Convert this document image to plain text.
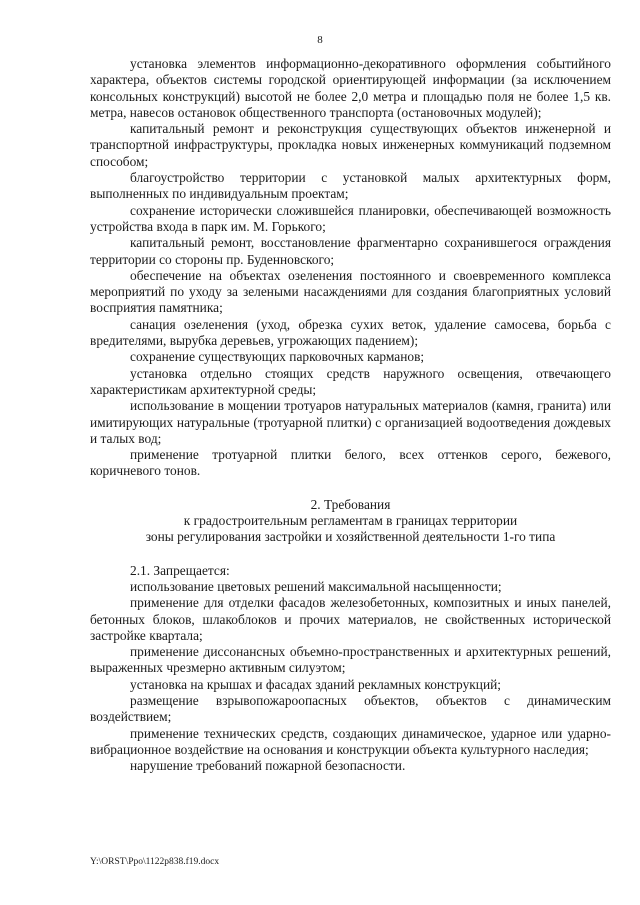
8

установка элементов информационно-декоративного оформления событийного характера, объектов системы городской ориентирующей информации (за исключением консольных конструкций) высотой не более 2,0 метра и площадью поля не более 1,5 кв. метра, навесов остановок общественного транспорта (остановочных модулей);

капитальный ремонт и реконструкция существующих объектов инженерной и транспортной инфраструктуры, прокладка новых инженерных коммуникаций подземном способом;

благоустройство территории с установкой малых архитектурных форм, выполненных по индивидуальным проектам;

сохранение исторически сложившейся планировки, обеспечивающей возможность устройства входа в парк им. М. Горького;

капитальный ремонт, восстановление фрагментарно сохранившегося ограждения территории со стороны пр. Буденновского;

обеспечение на объектах озеленения постоянного и своевременного комплекса мероприятий по уходу за зелеными насаждениями для создания благоприятных условий восприятия памятника;

санация озеленения (уход, обрезка сухих веток, удаление самосева, борьба с вредителями, вырубка деревьев, угрожающих падением);

сохранение существующих парковочных карманов;

установка отдельно стоящих средств наружного освещения, отвечающего характеристикам архитектурной среды;

использование в мощении тротуаров натуральных материалов (камня, гранита) или имитирующих натуральные (тротуарной плитки) с организацией водоотведения дождевых и талых вод;

применение тротуарной плитки белого, всех оттенков серого, бежевого, коричневого тонов.

2. Требования

к градостроительным регламентам в границах территории

зоны регулирования застройки и хозяйственной деятельности 1-го типа

2.1. Запрещается:

использование цветовых решений максимальной насыщенности;

применение для отделки фасадов железобетонных, композитных и иных панелей, бетонных блоков, шлакоблоков и прочих материалов, не свойственных исторической застройке квартала;

применение диссонансных объемно-пространственных и архитектурных решений, выраженных чрезмерно активным силуэтом;

установка на крышах и фасадах зданий рекламных конструкций;

размещение взрывопожароопасных объектов, объектов с динамическим воздействием;

применение технических средств, создающих динамическое, ударное или ударно-вибрационное воздействие на основания и конструкции объекта культурного наследия;

нарушение требований пожарной безопасности.

Y:\ORST\Ppo\1122p838.f19.docx
